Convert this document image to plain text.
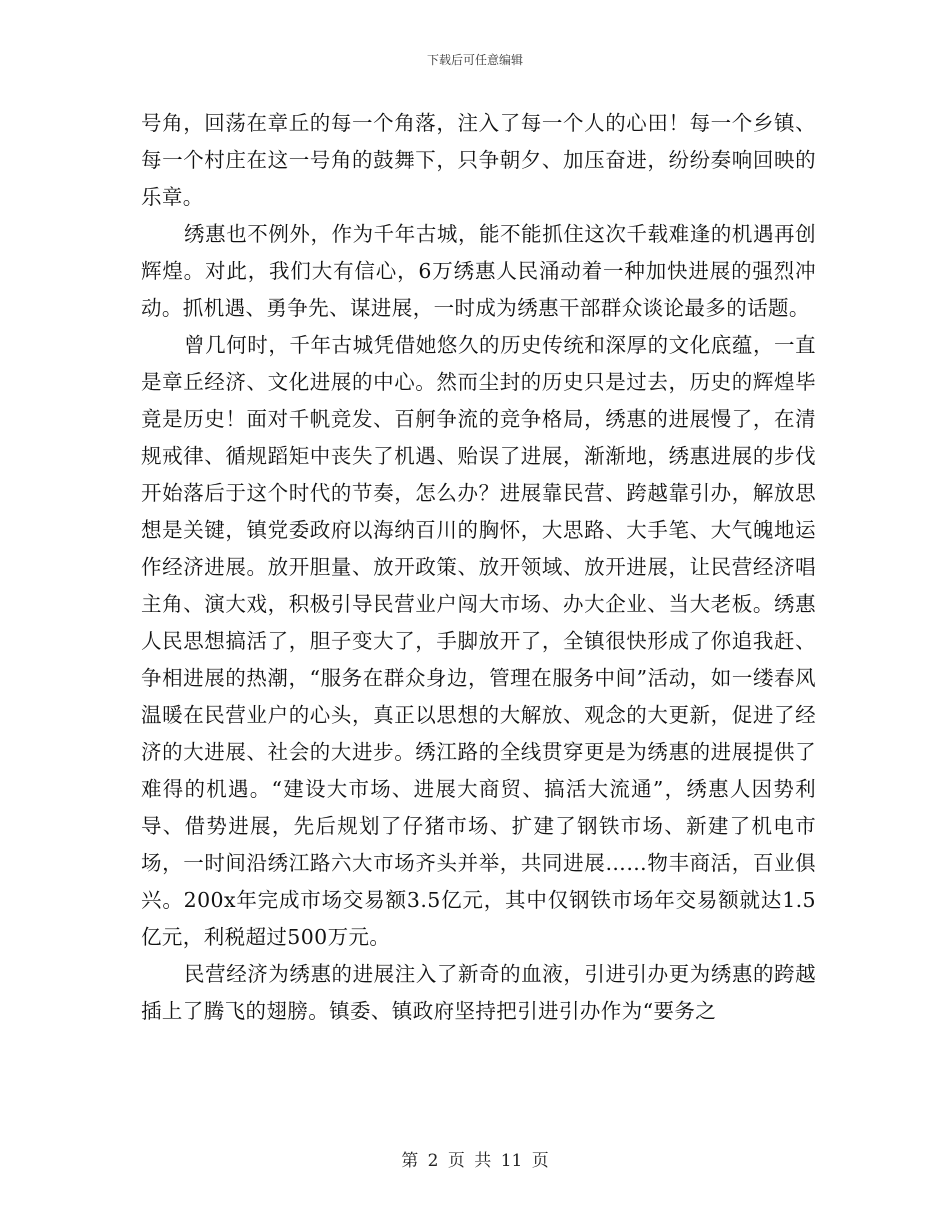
下载后可任意编辑

号角，回荡在章丘的每一个角落，注入了每一个人的心田！每一个乡镇、每一个村庄在这一号角的鼓舞下，只争朝夕、加压奋进，纷纷奏响回映的乐章。

绣惠也不例外，作为千年古城，能不能抓住这次千载难逢的机遇再创辉煌。对此，我们大有信心，6万绣惠人民涌动着一种加快进展的强烈冲动。抓机遇、勇争先、谋进展，一时成为绣惠干部群众谈论最多的话题。

曾几何时，千年古城凭借她悠久的历史传统和深厚的文化底蕴，一直是章丘经济、文化进展的中心。然而尘封的历史只是过去，历史的辉煌毕竟是历史！面对千帆竞发、百舸争流的竞争格局，绣惠的进展慢了，在清规戒律、循规蹈矩中丧失了机遇、贻误了进展，渐渐地，绣惠进展的步伐开始落后于这个时代的节奏，怎么办？进展靠民营、跨越靠引办，解放思想是关键，镇党委政府以海纳百川的胸怀，大思路、大手笔、大气魄地运作经济进展。放开胆量、放开政策、放开领域、放开进展，让民营经济唱主角、演大戏，积极引导民营业户闯大市场、办大企业、当大老板。绣惠人民思想搞活了，胆子变大了，手脚放开了，全镇很快形成了你追我赶、争相进展的热潮，“服务在群众身边，管理在服务中间”活动，如一缕春风温暖在民营业户的心头，真正以思想的大解放、观念的大更新，促进了经济的大进展、社会的大进步。绣江路的全线贯穿更是为绣惠的进展提供了难得的机遇。“建设大市场、进展大商贸、搞活大流通”，绣惠人因势利导、借势进展，先后规划了仔猪市场、扩建了钢铁市场、新建了机电市场，一时间沿绣江路六大市场齐头并举，共同进展……物丰商活，百业俱兴。200x年完成市场交易额3.5亿元，其中仅钢铁市场年交易额就达1.5亿元，利税超过500万元。

民营经济为绣惠的进展注入了新奇的血液，引进引办更为绣惠的跨越插上了腾飞的翅膀。镇委、镇政府坚持把引进引办作为“要务之

第 2 页 共 11 页
